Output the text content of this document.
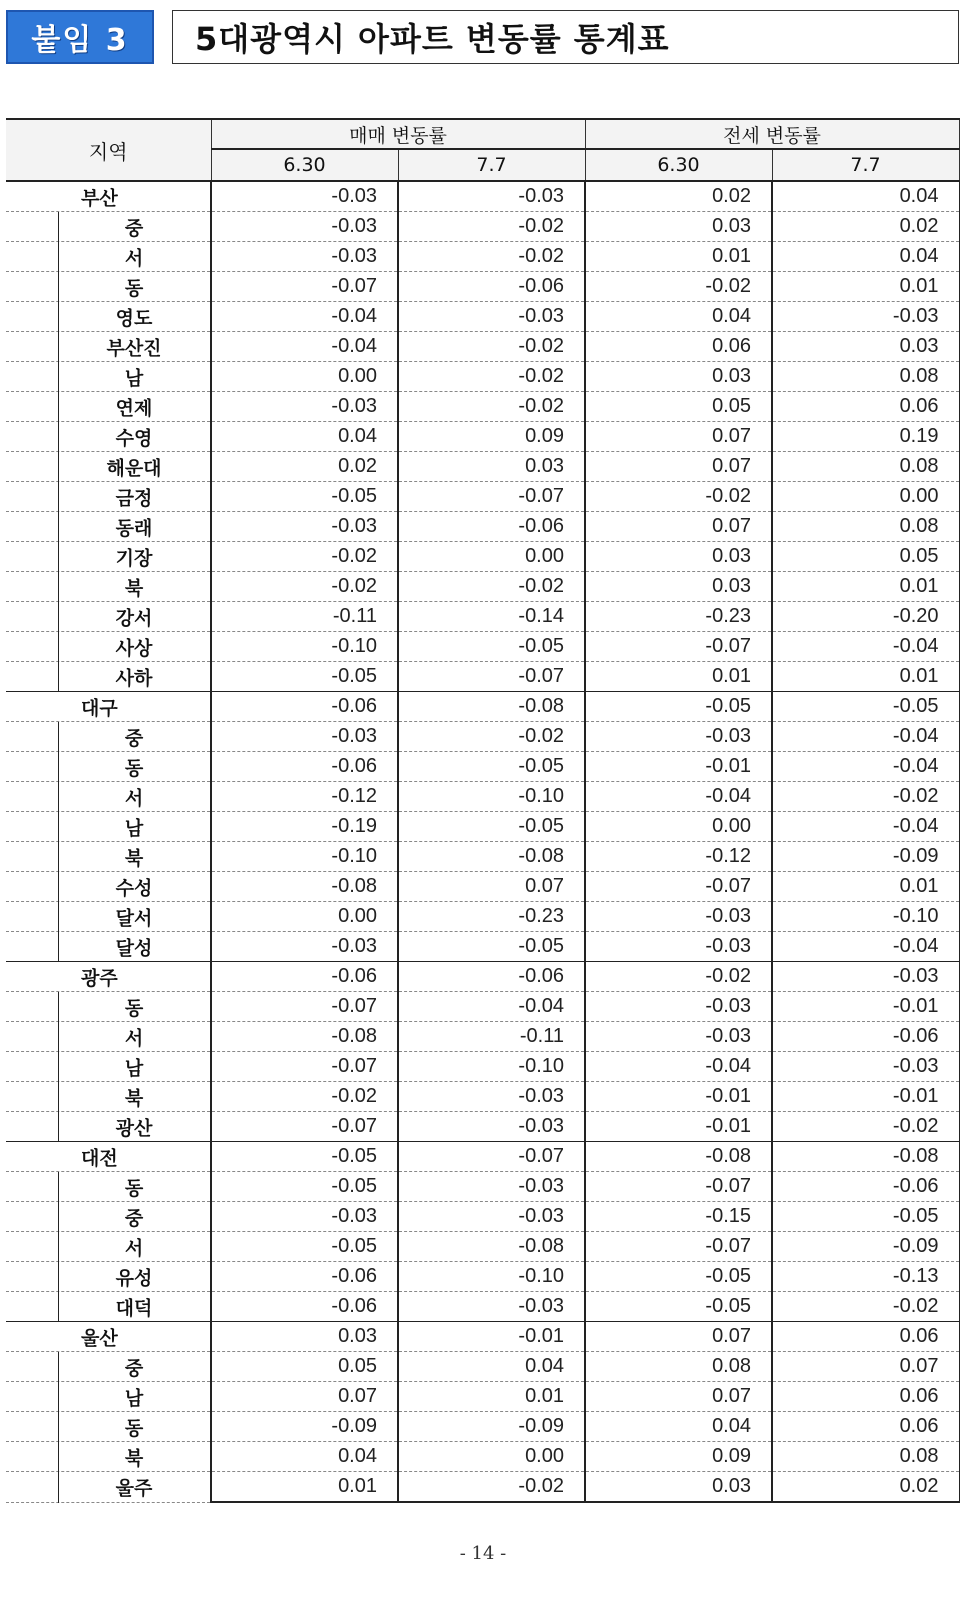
붙임 3	5대광역시 아파트 변동률 통계표
지역	매매 변동률		전세 변동률	
	6.30	7.7	6.30	7.7

부산	-0.03	-0.03	0.02	0.04

중	-0.03	-0.02	0.03	0.02

서	-0.03	-0.02	0.01	0.04

동	-0.07	-0.06	-0.02	0.01

영도	-0.04	-0.03	0.04	-0.03

부산진	-0.04	-0.02	0.06	0.03

남	0.00	-0.02	0.03	0.08

연제	-0.03	-0.02	0.05	0.06

수영	0.04	0.09	0.07	0.19

해운대	0.02	0.03	0.07	0.08

금정	-0.05	-0.07	-0.02	0.00

동래	-0.03	-0.06	0.07	0.08

기장	-0.02	0.00	0.03	0.05

북	-0.02	-0.02	0.03	0.01

강서	-0.11	-0.14	-0.23	-0.20

사상	-0.10	-0.05	-0.07	-0.04

사하	-0.05	-0.07	0.01	0.01

대구	-0.06	-0.08	-0.05	-0.05

중	-0.03	-0.02	-0.03	-0.04

동	-0.06	-0.05	-0.01	-0.04

서	-0.12	-0.10	-0.04	-0.02

남	-0.19	-0.05	0.00	-0.04

북	-0.10	-0.08	-0.12	-0.09

수성	-0.08	0.07	-0.07	0.01

달서	0.00	-0.23	-0.03	-0.10

달성	-0.03	-0.05	-0.03	-0.04

광주	-0.06	-0.06	-0.02	-0.03

동	-0.07	-0.04	-0.03	-0.01

서	-0.08	-0.11	-0.03	-0.06

남	-0.07	-0.10	-0.04	-0.03

북	-0.02	-0.03	-0.01	-0.01

광산	-0.07	-0.03	-0.01	-0.02

대전	-0.05	-0.07	-0.08	-0.08

동	-0.05	-0.03	-0.07	-0.06

중	-0.03	-0.03	-0.15	-0.05

서	-0.05	-0.08	-0.07	-0.09

유성	-0.06	-0.10	-0.05	-0.13

대덕	-0.06	-0.03	-0.05	-0.02

울산	0.03	-0.01	0.07	0.06

중	0.05	0.04	0.08	0.07

남	0.07	0.01	0.07	0.06

동	-0.09	-0.09	0.04	0.06

북	0.04	0.00	0.09	0.08

울주	0.01	-0.02	0.03	0.02
- 14 -
